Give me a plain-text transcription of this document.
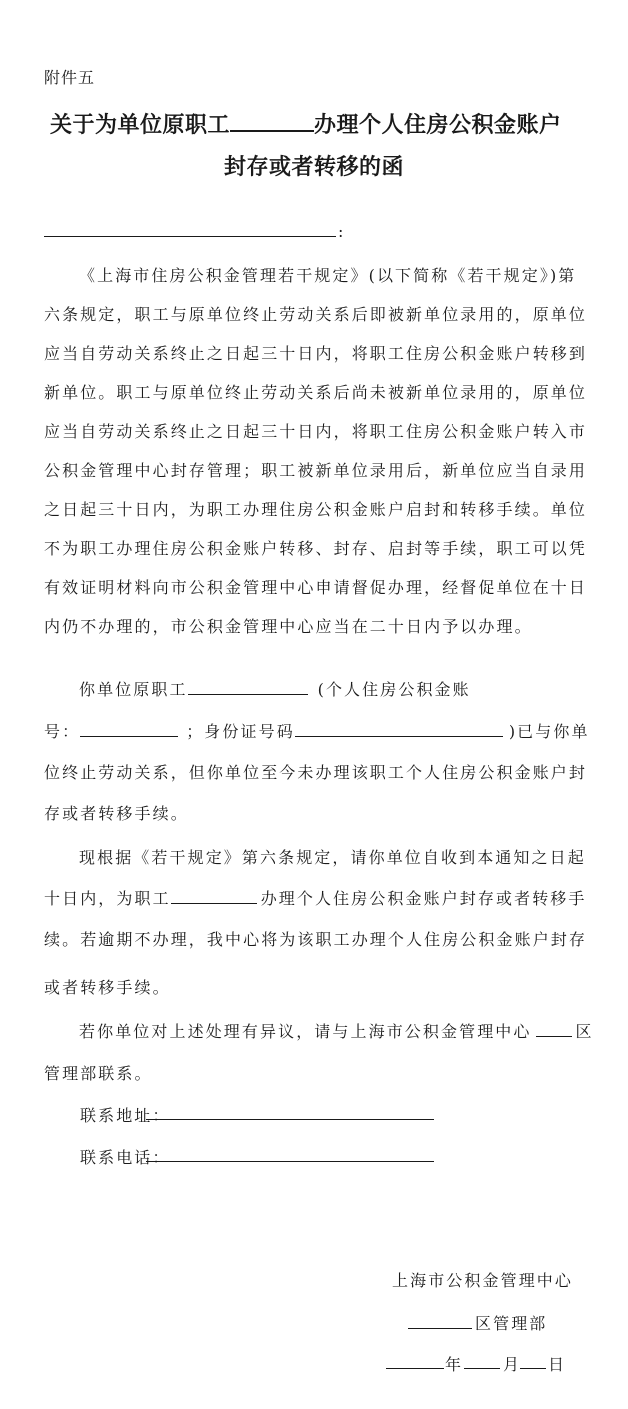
附件五
关于为单位原职工	办理个人住房公积金账户
封存或者转移的函
:
《上海市住房公积金管理若干规定》(以下简称《若干规定》)第
六条规定，职工与原单位终止劳动关系后即被新单位录用的，原单位
应当自劳动关系终止之日起三十日内，将职工住房公积金账户转移到
新单位。职工与原单位终止劳动关系后尚未被新单位录用的，原单位
应当自劳动关系终止之日起三十日内，将职工住房公积金账户转入市
公积金管理中心封存管理；职工被新单位录用后，新单位应当自录用
之日起三十日内，为职工办理住房公积金账户启封和转移手续。单位
不为职工办理住房公积金账户转移、封存、启封等手续，职工可以凭
有效证明材料向市公积金管理中心申请督促办理，经督促单位在十日
内仍不办理的，市公积金管理中心应当在二十日内予以办理。
你单位原职工	(个人住房公积金账
号：	；身份证号码	)已与你单
位终止劳动关系，但你单位至今未办理该职工个人住房公积金账户封
存或者转移手续。
现根据《若干规定》第六条规定，请你单位自收到本通知之日起
十日内，为职工	办理个人住房公积金账户封存或者转移手
续。若逾期不办理，我中心将为该职工办理个人住房公积金账户封存
或者转移手续。
若你单位对上述处理有异议，请与上海市公积金管理中心	区
管理部联系。
联系地址：
联系电话：
上海市公积金管理中心
区管理部
年 月 日
